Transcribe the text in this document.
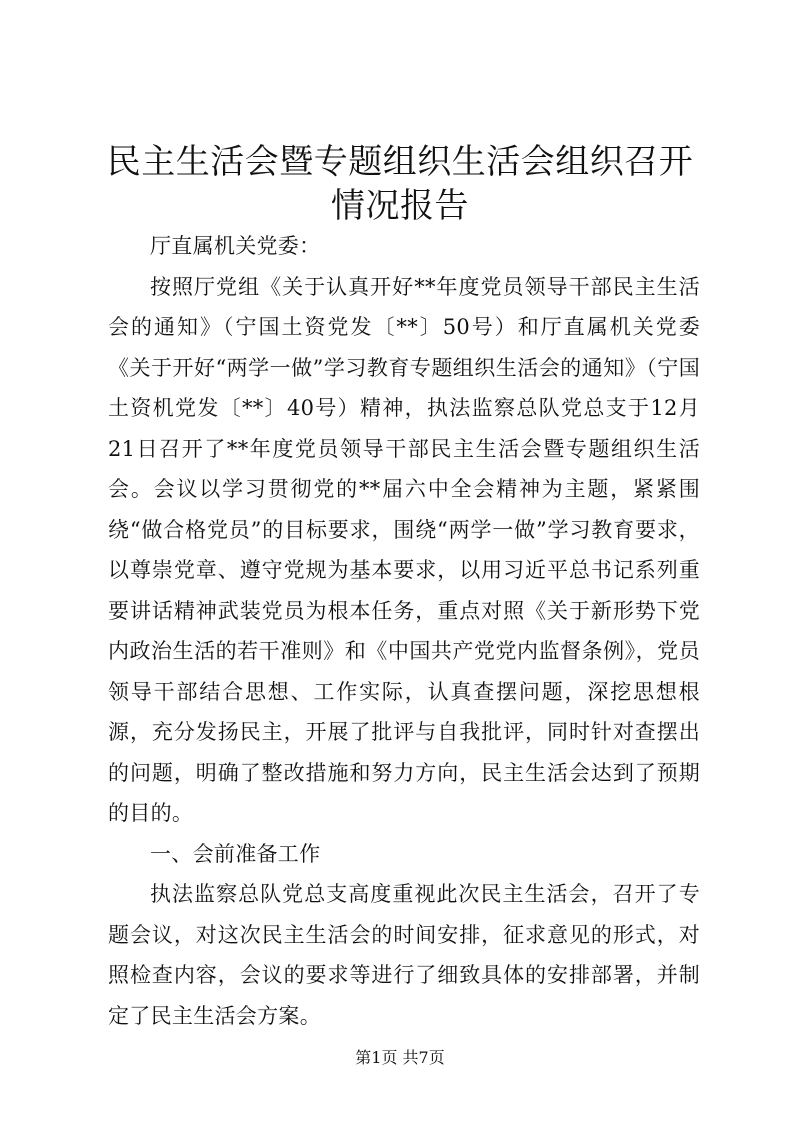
民主生活会暨专题组织生活会组织召开情况报告

厅直属机关党委：

按照厅党组《关于认真开好**年度党员领导干部民主生活会的通知》（宁国土资党发〔**〕50号）和厅直属机关党委《关于开好“两学一做”学习教育专题组织生活会的通知》（宁国土资机党发〔**〕40号）精神，执法监察总队党总支于12月21日召开了**年度党员领导干部民主生活会暨专题组织生活会。会议以学习贯彻党的**届六中全会精神为主题，紧紧围绕“做合格党员”的目标要求，围绕“两学一做”学习教育要求，以尊崇党章、遵守党规为基本要求，以用习近平总书记系列重要讲话精神武装党员为根本任务，重点对照《关于新形势下党内政治生活的若干准则》和《中国共产党党内监督条例》，党员领导干部结合思想、工作实际，认真查摆问题，深挖思想根源，充分发扬民主，开展了批评与自我批评，同时针对查摆出的问题，明确了整改措施和努力方向，民主生活会达到了预期的目的。

一、会前准备工作

执法监察总队党总支高度重视此次民主生活会，召开了专题会议，对这次民主生活会的时间安排，征求意见的形式，对照检查内容，会议的要求等进行了细致具体的安排部署，并制定了民主生活会方案。

第1页 共7页
